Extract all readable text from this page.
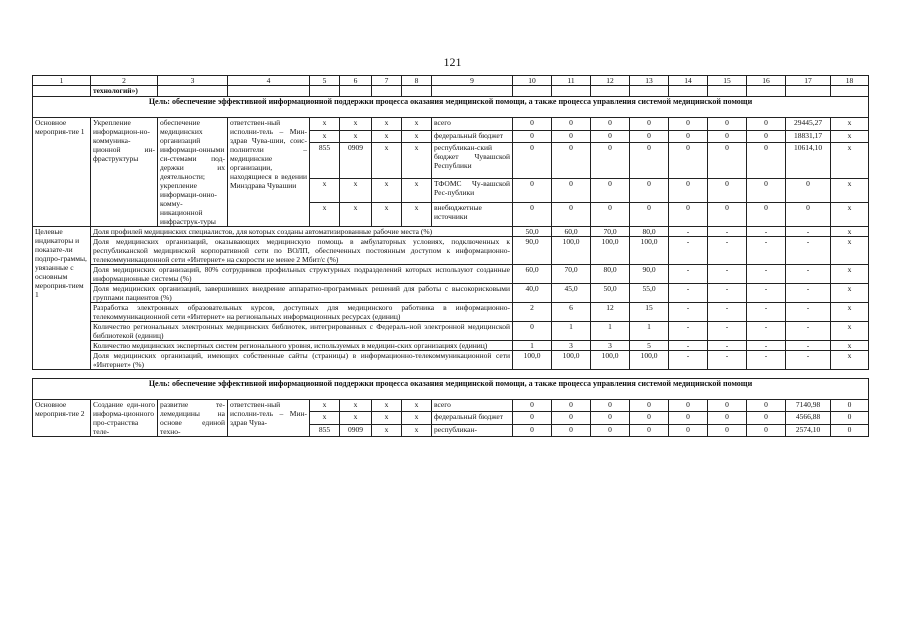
121
1	2	3	4	5	6	7	8	9	10	11	12	13	14	15	16	17	18
	технологий»)																
Цель: обеспечение эффективной информационной поддержки процесса оказания медицинской помощи, а также процесса управления системой медицинской помощи																	
Основное мероприя-тие 1	Укрепление информацион-но-коммуника-ционной ин-фраструктуры	обеспечение медицинских организаций информаци-онными си-стемами под-держки их деятельности; укрепление информаци-онно-комму-никационной инфраструк-туры	ответствен-ный исполни-тель – Мин-здрав Чува-шии, соис-полнители – медицинские организации, находящиеся в ведении Минздрава Чувашии	х	х	х	х	всего	0	0	0	0	0	0	0	29445,27	х
				х	х	х	х	федеральный бюджет	0	0	0	0	0	0	0	18831,17	х
				855	0909	х	х	республикан-ский бюджет Чувашской Республики	0	0	0	0	0	0	0	10614,10	х
				х	х	х	х	ТФОМС Чу-вашской Рес-публики	0	0	0	0	0	0	0	0	х
				х	х	х	х	внебюджетные источники	0	0	0	0	0	0	0	0	х
Целевые индикаторы и показате-ли подпро-граммы, увязанные с основным мероприя-тием 1	Доля профилей медицинских специалистов, для которых созданы автоматизированные рабочие места (%)								50,0	60,0	70,0	80,0	-	-	-	-	х
	Доля медицинских организаций, оказывающих медицинскую помощь в амбулаторных условиях, подключенных к республиканской медицинской корпоративной сети по ВОЛП, обеспеченных постоянным доступом к информационно-телекоммуникационной сети «Интернет» на скорости не менее 2 Мбит/с (%)								90,0	100,0	100,0	100,0	-	-	-	-	х
	Доля медицинских организаций, 80% сотрудников профильных структурных подразделений которых используют созданные информационные системы (%)								60,0	70,0	80,0	90,0	-	-	-	-	х
	Доля медицинских организаций, завершивших внедрение аппаратно-программных решений для работы с высокорисковыми группами пациентов (%)								40,0	45,0	50,0	55,0	-	-	-	-	х
	Разработка электронных образовательных курсов, доступных для медицинского работника в информационно-телекоммуникационной сети «Интернет» на региональных информационных ресурсах (единиц)								2	6	12	15	-	-	-	-	х
	Количество региональных электронных медицинских библиотек, интегрированных с Федераль-ной электронной медицинской библиотекой (единиц)								0	1	1	1	-	-	-	-	х
	Количество медицинских экспертных систем регионального уровня, используемых в медицин-ских организациях (единиц)								1	3	3	5	-	-	-	-	х
	Доля медицинских организаций, имеющих собственные сайты (страницы) в информационно-телекоммуникационной сети «Интернет» (%)								100,0	100,0	100,0	100,0	-	-	-	-	х

Цель: обеспечение эффективной информационной поддержки процесса оказания медицинской помощи, а также процесса управления системой медицинской помощи																	
Основное мероприя-тие 2	Создание еди-ного информа-ционного про-странства теле-	развитие те-лемедицины на основе единой техно-	ответствен-ный исполни-тель – Мин-здрав Чува-	х	х	х	х	всего	0	0	0	0	0	0	0	7140,98	0
				х	х	х	х	федеральный бюджет	0	0	0	0	0	0	0	4566,88	0
				855	0909	х	х	республикан-	0	0	0	0	0	0	0	2574,10	0
